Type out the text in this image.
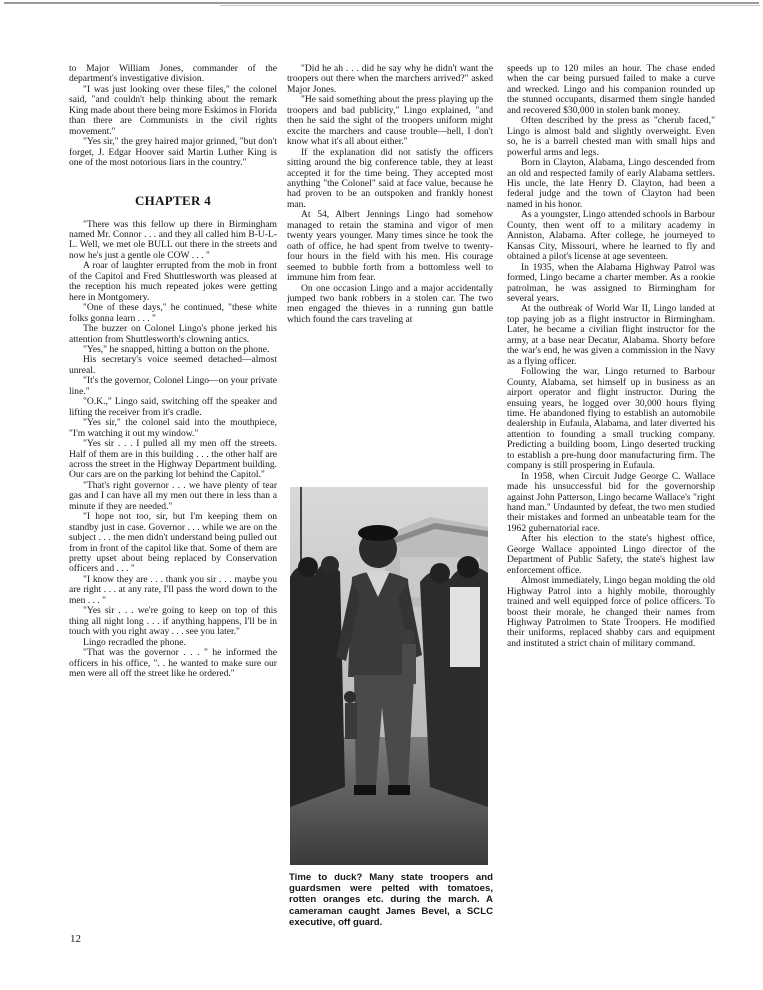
to Major William Jones, commander of the department's investigative division.

"I was just looking over these files," the colonel said, "and couldn't help thinking about the remark King made about there being more Eskimos in Florida than there are Communists in the civil rights movement."

"Yes sir," the grey haired major grinned, "but don't forget, J. Edgar Hoover said Martin Luther King is one of the most notorious liars in the country."

CHAPTER 4

"There was this fellow up there in Birmingham named Mr. Connor . . . and they all called him B-U-L-L. Well, we met ole BULL out there in the streets and now he's just a gentle ole COW . . . "

A roar of laughter errupted from the mob in front of the Capitol and Fred Shuttlesworth was pleased at the reception his much repeated jokes were getting here in Montgomery.

"One of these days," he continued, "these white folks gonna learn . . . "

The buzzer on Colonel Lingo's phone jerked his attention from Shuttlesworth's clowning antics.

"Yes," he snapped, hitting a button on the phone.

His secretary's voice seemed detached—almost unreal.

"It's the governor, Colonel Lingo—on your private line."

"O.K.," Lingo said, switching off the speaker and lifting the receiver from it's cradle.

"Yes sir," the colonel said into the mouthpiece, "I'm watching it out my window."

"Yes sir . . . I pulled all my men off the streets. Half of them are in this building . . . the other half are across the street in the Highway Department building. Our cars are on the parking lot behind the Capitol."

"That's right governor . . . we have plenty of tear gas and I can have all my men out there in less than a minute if they are needed."

"I hope not too, sir, but I'm keeping them on standby just in case. Governor . . . while we are on the subject . . . the men didn't understand being pulled out from in front of the capitol like that. Some of them are pretty upset about being replaced by Conservation officers and . . . "

"I know they are . . . thank you sir . . . maybe you are right . . . at any rate, I'll pass the word down to the men . . . "

"Yes sir . . . we're going to keep on top of this thing all night long . . . if anything happens, I'll be in touch with you right away . . . see you later."

Lingo recradled the phone.

"That was the governor . . . " he informed the officers in his office, ". . he wanted to make sure our men were all off the street like he ordered."

"Did he ah . . . did he say why he didn't want the troopers out there when the marchers arrived?" asked Major Jones.

"He said something about the press playing up the troopers and bad publicity," Lingo explained, "and then he said the sight of the troopers uniform might excite the marchers and cause trouble—hell, I don't know what it's all about either."

If the explanation did not satisfy the officers sitting around the big conference table, they at least accepted it for the time being. They accepted most anything "the Colonel" said at face value, because he had proven to be an outspoken and frankly honest man.

At 54, Albert Jennings Lingo had somehow managed to retain the stamina and vigor of men twenty years younger. Many times since he took the oath of office, he had spent from twelve to twenty-four hours in the field with his men. His courage seemed to bubble forth from a bottomless well to immune him from fear.

On one occasion Lingo and a major accidentally jumped two bank robbers in a stolen car. The two men engaged the thieves in a running gun battle which found the cars traveling at

Time to duck? Many state troopers and guardsmen were pelted with tomatoes, rotten oranges etc. during the march. A cameraman caught James Bevel, a SCLC executive, off guard.

speeds up to 120 miles an hour. The chase ended when the car being pursued failed to make a curve and wrecked. Lingo and his companion rounded up the stunned occupants, disarmed them single handed and recovered $30,000 in stolen bank money.

Often described by the press as "cherub faced," Lingo is almost bald and slightly overweight. Even so, he is a barrell chested man with small hips and powerful arms and legs.

Born in Clayton, Alabama, Lingo descended from an old and respected family of early Alabama settlers. His uncle, the late Henry D. Clayton, had been a federal judge and the town of Clayton had been named in his honor.

As a youngster, Lingo attended schools in Barbour County, then went off to a military academy in Anniston, Alabama. After college, he journeyed to Kansas City, Missouri, where he learned to fly and obtained a pilot's license at age seventeen.

In 1935, when the Alabama Highway Patrol was formed, Lingo became a charter member. As a rookie patrolman, he was assigned to Birmingham for several years.

At the outbreak of World War II, Lingo landed at top paying job as a flight instructor in Birmingham. Later, he became a civilian flight instructor for the army, at a base near Decatur, Alabama. Shorty before the war's end, he was given a commission in the Navy as a flying officer.

Following the war, Lingo returned to Barbour County, Alabama, set himself up in business as an airport operator and flight instructor. During the ensuing years, he logged over 30,000 hours flying time. He abandoned flying to establish an automobile dealership in Eufaula, Alabama, and later diverted his attention to founding a small trucking company. Predicting a building boom, Lingo deserted trucking to establish a pre-hung door manufacturing firm. The company is still prospering in Eufaula.

In 1958, when Circuit Judge George C. Wallace made his unsuccessful bid for the governorship against John Patterson, Lingo became Wallace's "right hand man." Undaunted by defeat, the two men studied their mistakes and formed an unbeatable team for the 1962 gubernatorial race.

After his election to the state's highest office, George Wallace appointed Lingo director of the Department of Public Safety, the state's highest law enforcement office.

Almost immediately, Lingo began molding the old Highway Patrol into a highly mobile, thoroughly trained and well equipped force of police officers. To boost their morale, he changed their names from Highway Patrolmen to State Troopers. He modified their uniforms, replaced shabby cars and equipment and instituted a strict chain of military command.

12
